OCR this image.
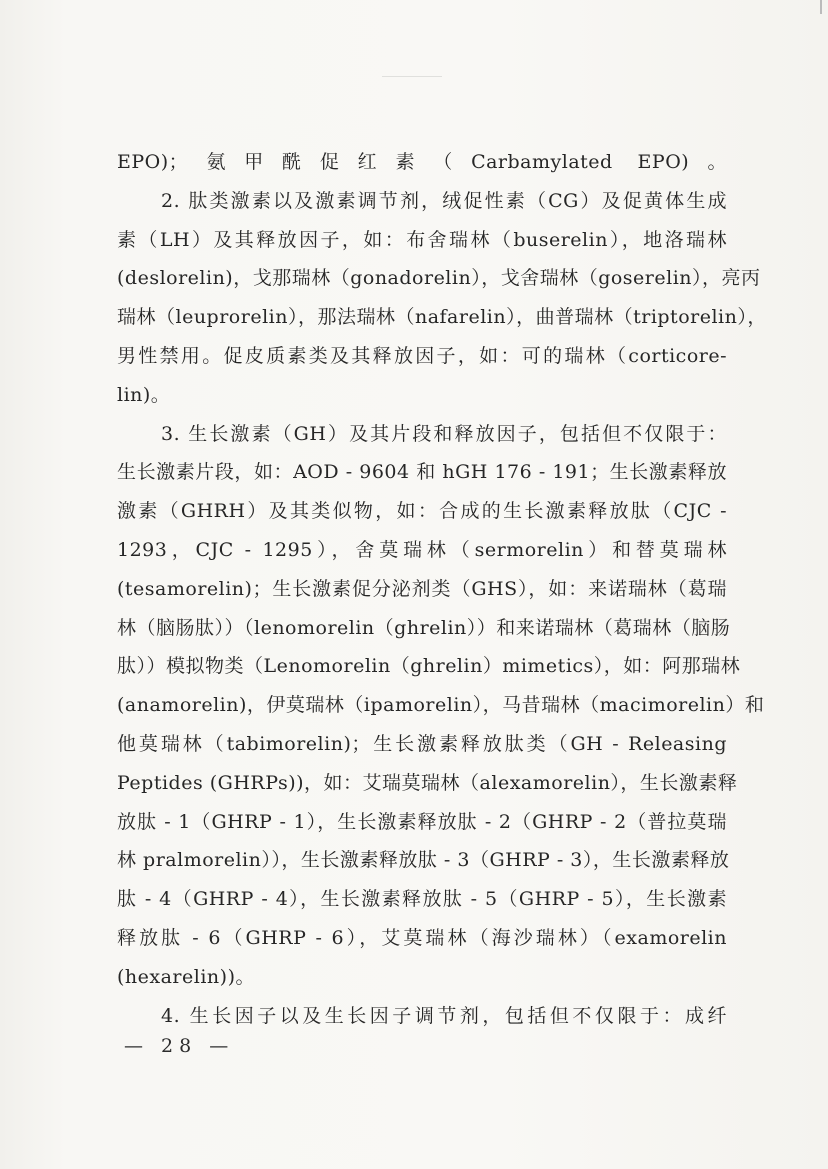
EPO)；氨甲酰促红素（Carbamylated EPO)。
2. 肽类激素以及激素调节剂，绒促性素（CG）及促黄体生成
素（LH）及其释放因子，如：布舍瑞林（buserelin），地洛瑞林
(deslorelin)，戈那瑞林（gonadorelin），戈舍瑞林（goserelin），亮丙
瑞林（leuprorelin），那法瑞林（nafarelin），曲普瑞林（triptorelin），
男性禁用。促皮质素类及其释放因子，如：可的瑞林（corticore-
lin)。
3. 生长激素（GH）及其片段和释放因子，包括但不仅限于：
生长激素片段，如：AOD - 9604 和 hGH 176 - 191；生长激素释放
激素（GHRH）及其类似物，如：合成的生长激素释放肽（CJC -
1293，CJC - 1295），舍莫瑞林（sermorelin）和替莫瑞林
(tesamorelin)；生长激素促分泌剂类（GHS），如：来诺瑞林（葛瑞
林（脑肠肽））（lenomorelin（ghrelin））和来诺瑞林（葛瑞林（脑肠
肽））模拟物类（Lenomorelin（ghrelin）mimetics），如：阿那瑞林
(anamorelin)，伊莫瑞林（ipamorelin），马昔瑞林（macimorelin）和
他莫瑞林（tabimorelin)；生长激素释放肽类（GH - Releasing
Peptides (GHRPs))，如：艾瑞莫瑞林（alexamorelin），生长激素释
放肽 - 1（GHRP - 1），生长激素释放肽 - 2（GHRP - 2（普拉莫瑞
林 pralmorelin）），生长激素释放肽 - 3（GHRP - 3），生长激素释放
肽 - 4（GHRP - 4），生长激素释放肽 - 5（GHRP - 5），生长激素
释放肽 - 6（GHRP - 6），艾莫瑞林（海沙瑞林）（examorelin
(hexarelin))。
4. 生长因子以及生长因子调节剂，包括但不仅限于：成纤
— 28 —
